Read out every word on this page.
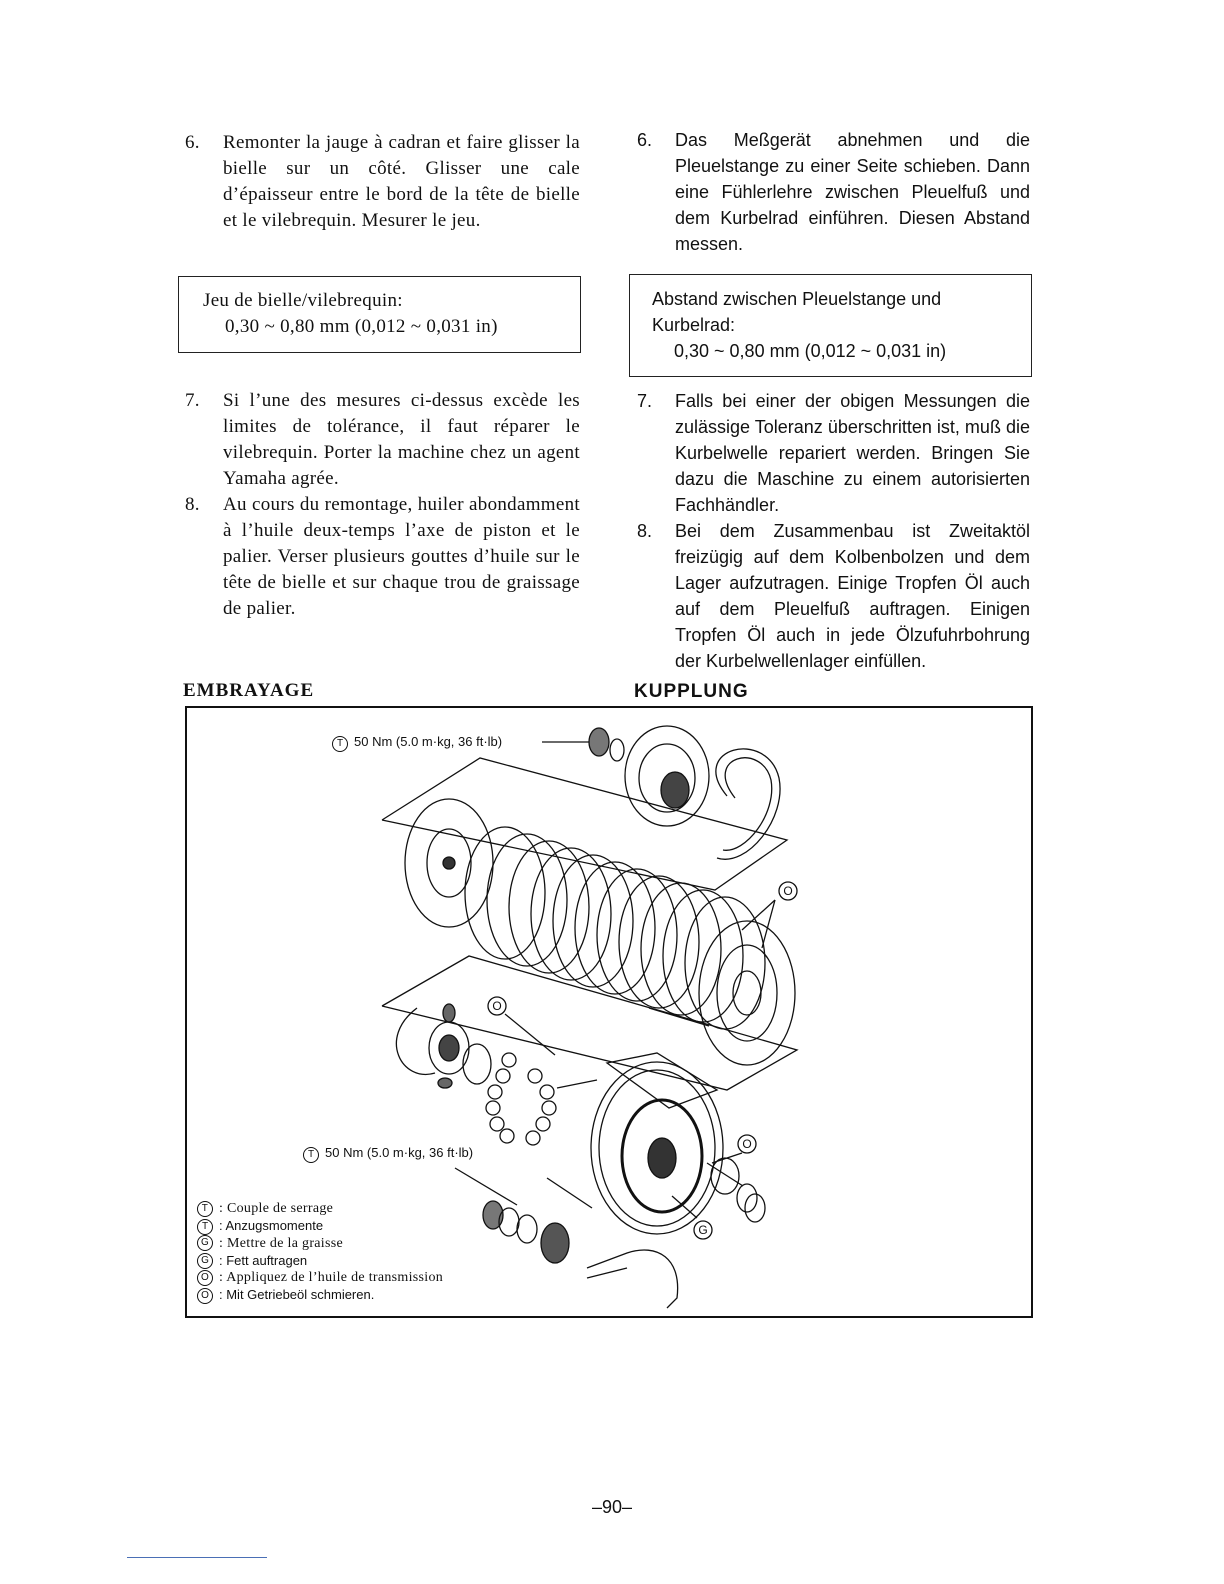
6. Remonter la jauge à cadran et faire glisser la bielle sur un côté. Glisser une cale d’épaisseur entre le bord de la tête de bielle et le vilebrequin. Mesurer le jeu.
Jeu de bielle/vilebrequin:
0,30 ~ 0,80 mm (0,012 ~ 0,031 in)
7. Si l’une des mesures ci-dessus excède les limites de tolérance, il faut réparer le vilebrequin. Porter la machine chez un agent Yamaha agrée.
8. Au cours du remontage, huiler abondamment à l’huile deux-temps l’axe de piston et le palier. Verser plusieurs gouttes d’huile sur le tête de bielle et sur chaque trou de graissage de palier.
EMBRAYAGE
6. Das Meßgerät abnehmen und die Pleuelstange zu einer Seite schieben. Dann eine Fühlerlehre zwischen Pleuelfuß und dem Kurbelrad einführen. Diesen Abstand messen.
Abstand zwischen Pleuelstange und Kurbelrad:
0,30 ~ 0,80 mm (0,012 ~ 0,031 in)
7. Falls bei einer der obigen Messungen die zulässige Toleranz überschritten ist, muß die Kurbelwelle repariert werden. Bringen Sie dazu die Maschine zu einem autorisierten Fachhändler.
8. Bei dem Zusammenbau ist Zweitaktöl freizügig auf dem Kolbenbolzen und dem Lager aufzutragen. Einige Tropfen Öl auch auf dem Pleuelfuß auftragen. Einigen Tropfen Öl auch in jede Ölzufuhrbohrung der Kurbelwellenlager einfüllen.
KUPPLUNG
O
O
O
G
T 50 Nm (5.0 m·kg, 36 ft·lb)
T 50 Nm (5.0 m·kg, 36 ft·lb)
T : Couple de serrage
T : Anzugsmomente
G : Mettre de la graisse
G : Fett auftragen
O : Appliquez de l’huile de transmission
O : Mit Getriebeöl schmieren.
–90–
